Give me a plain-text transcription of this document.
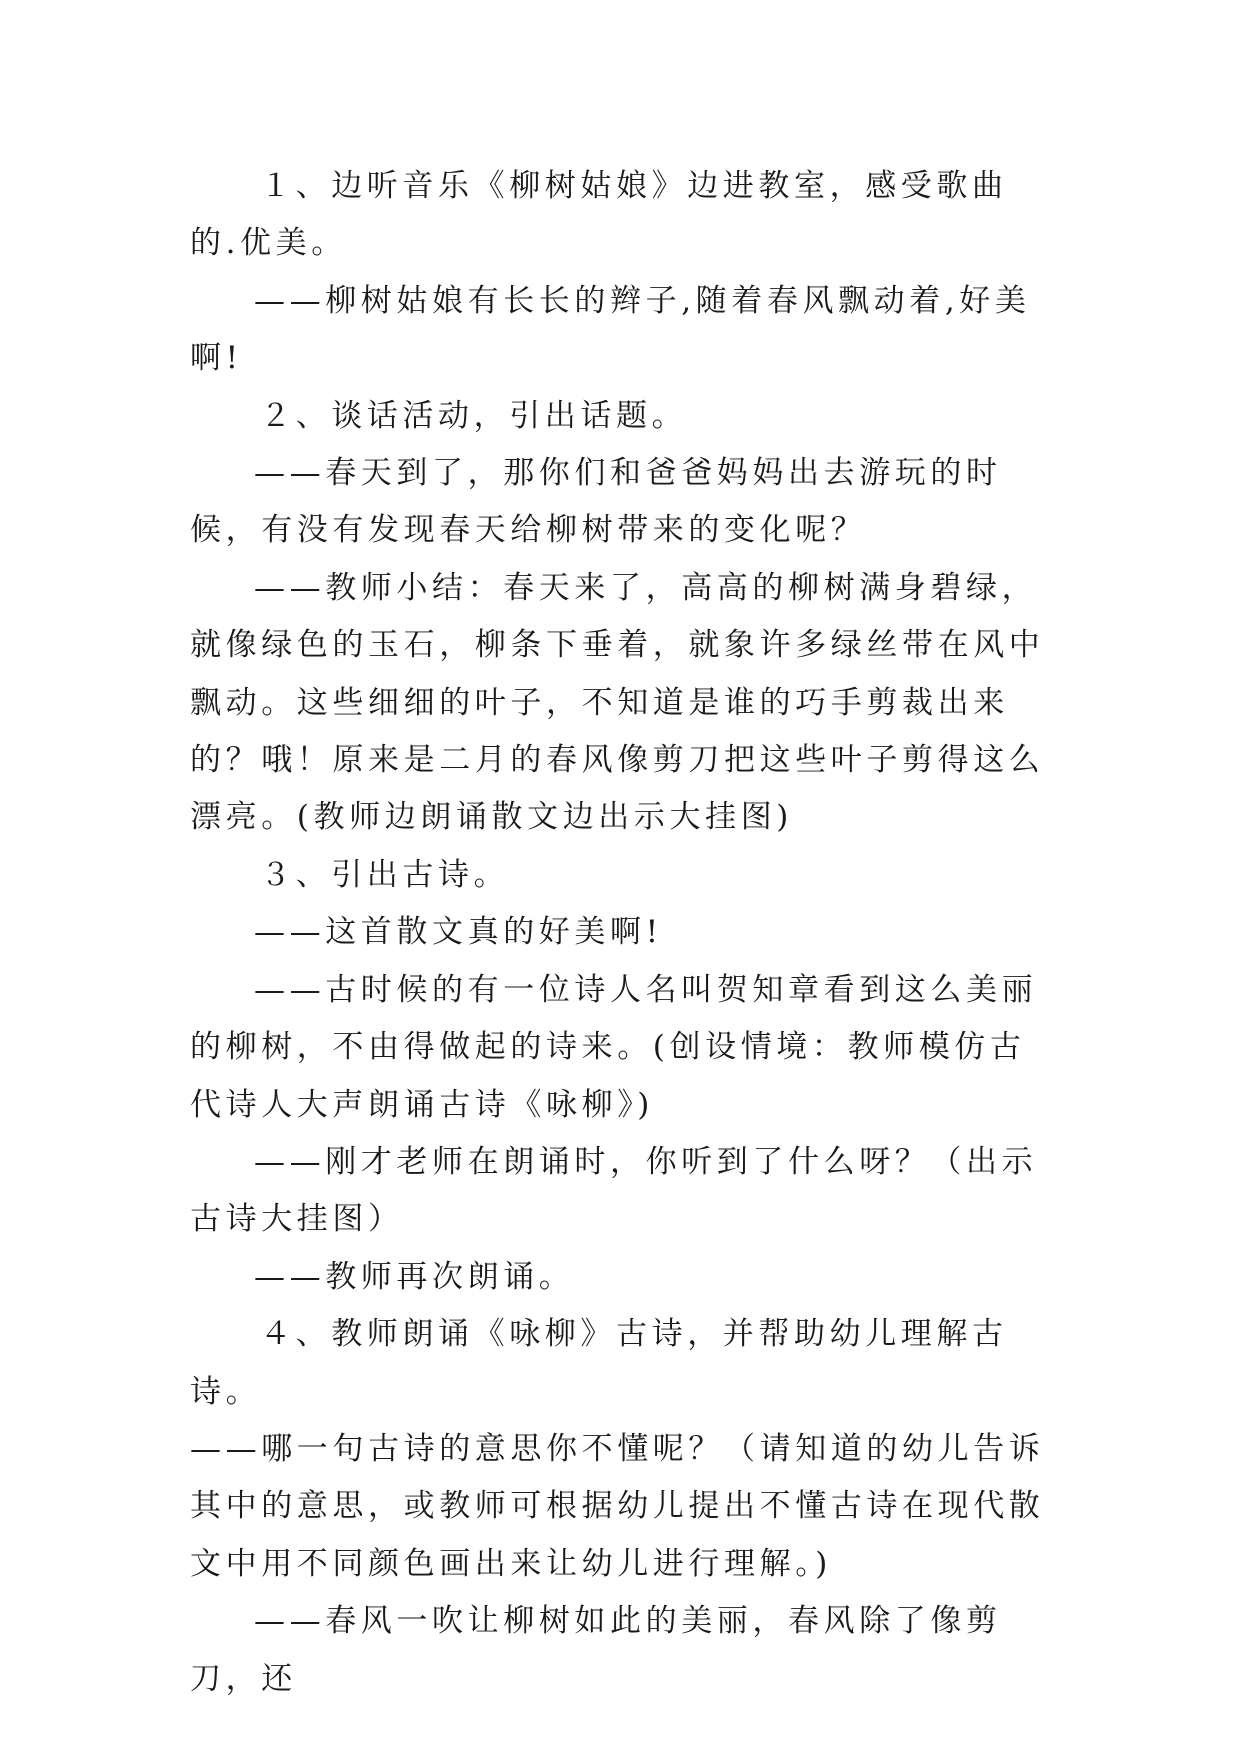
１、边听音乐《柳树姑娘》边进教室，感受歌曲的.优美。

——柳树姑娘有长长的辫子,随着春风飘动着,好美啊!

２、谈话活动，引出话题。

——春天到了，那你们和爸爸妈妈出去游玩的时候，有没有发现春天给柳树带来的变化呢？

——教师小结：春天来了，高高的柳树满身碧绿，就像绿色的玉石，柳条下垂着，就象许多绿丝带在风中飘动。这些细细的叶子，不知道是谁的巧手剪裁出来的？哦！原来是二月的春风像剪刀把这些叶子剪得这么漂亮。(教师边朗诵散文边出示大挂图)

３、引出古诗。

——这首散文真的好美啊!

——古时候的有一位诗人名叫贺知章看到这么美丽的柳树，不由得做起的诗来。(创设情境：教师模仿古代诗人大声朗诵古诗《咏柳》)

——刚才老师在朗诵时，你听到了什么呀？（出示古诗大挂图）

——教师再次朗诵。

４、教师朗诵《咏柳》古诗，并帮助幼儿理解古诗。

——哪一句古诗的意思你不懂呢？（请知道的幼儿告诉其中的意思，或教师可根据幼儿提出不懂古诗在现代散文中用不同颜色画出来让幼儿进行理解。)

——春风一吹让柳树如此的美丽，春风除了像剪刀，还
